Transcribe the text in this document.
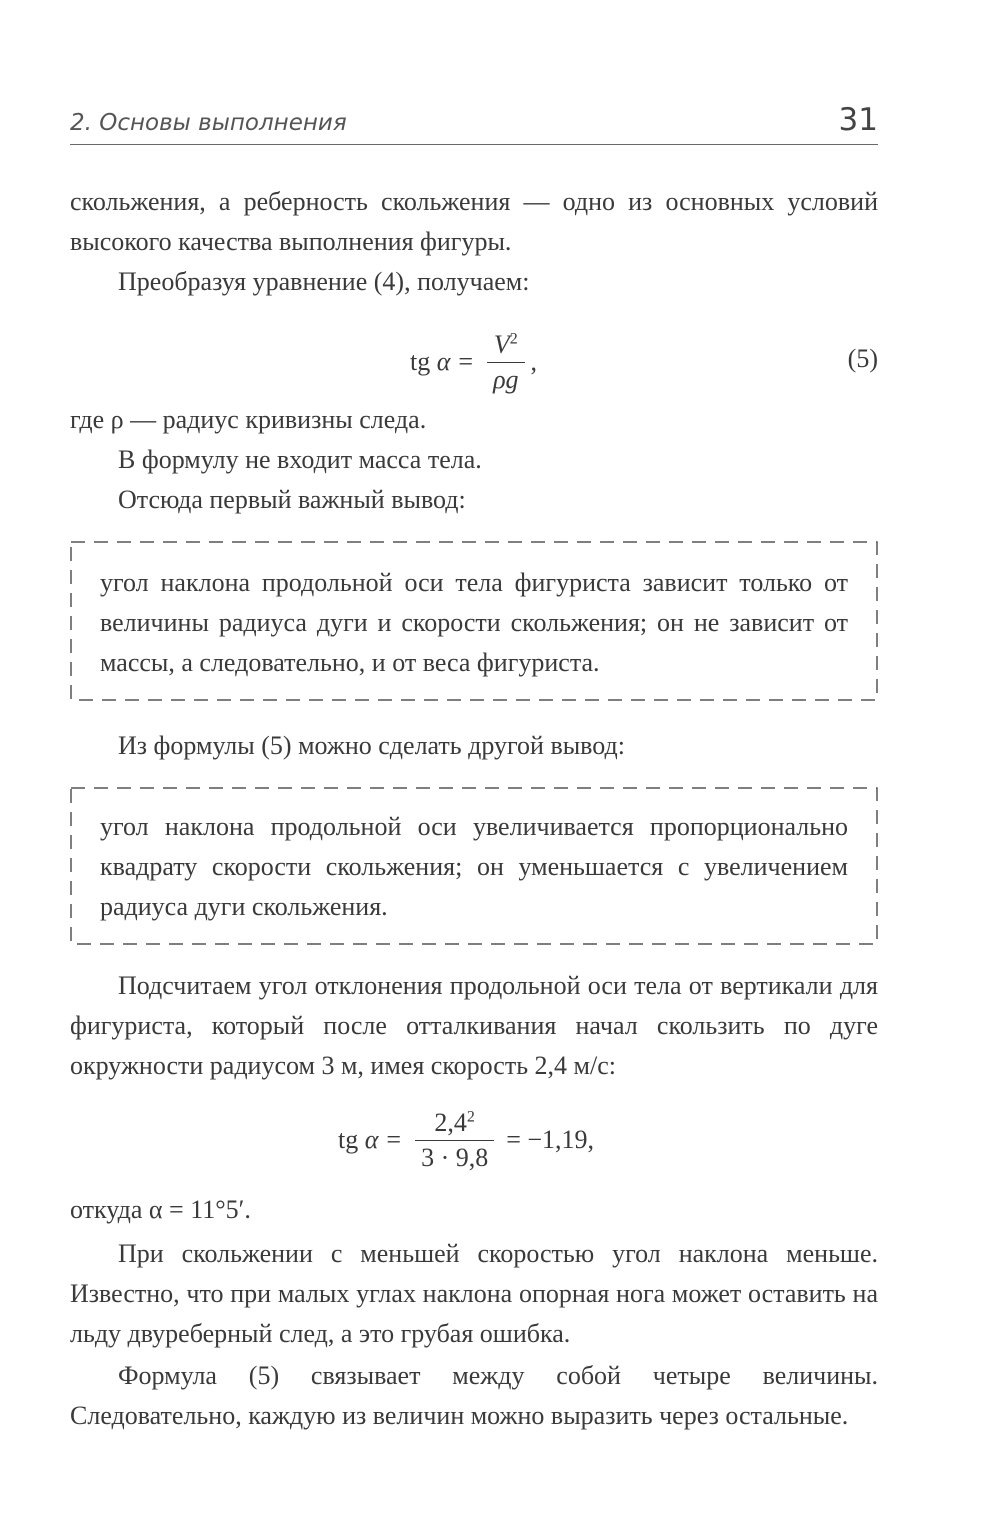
2. Основы выполнения	31

скольжения, а реберность скольжения — одно из основных условий высокого качества выполнения фигуры.

Преобразуя уравнение (4), получаем:

tg
$\alpha = \frac{V^2}{\rho g}$ ,	(5)

где ρ — радиус кривизны следа.

В формулу не входит масса тела.

Отсюда первый важный вывод:

угол наклона продольной оси тела фигуриста зависит только от величины радиуса дуги и скорости скольжения; он не зависит от массы, а следовательно, и от веса фигуриста.

Из формулы (5) можно сделать другой вывод:

угол наклона продольной оси увеличивается пропорционально квадрату скорости скольжения; он уменьшается с увеличением радиуса дуги скольжения.

Подсчитаем угол отклонения продольной оси тела от вертикали для фигуриста, который после отталкивания начал скользить по дуге окружности радиусом 3 м, имея скорость 2,4 м/с:

tg
$\alpha = \frac{2,4^2}{3 \cdot 9,8} = -1,19$,

откуда α = 11°5′.

При скольжении с меньшей скоростью угол наклона меньше. Известно, что при малых углах наклона опорная нога может оставить на льду двуреберный след, а это грубая ошибка.

Формула (5) связывает между собой четыре величины. Следовательно, каждую из величин можно выразить через остальные.
